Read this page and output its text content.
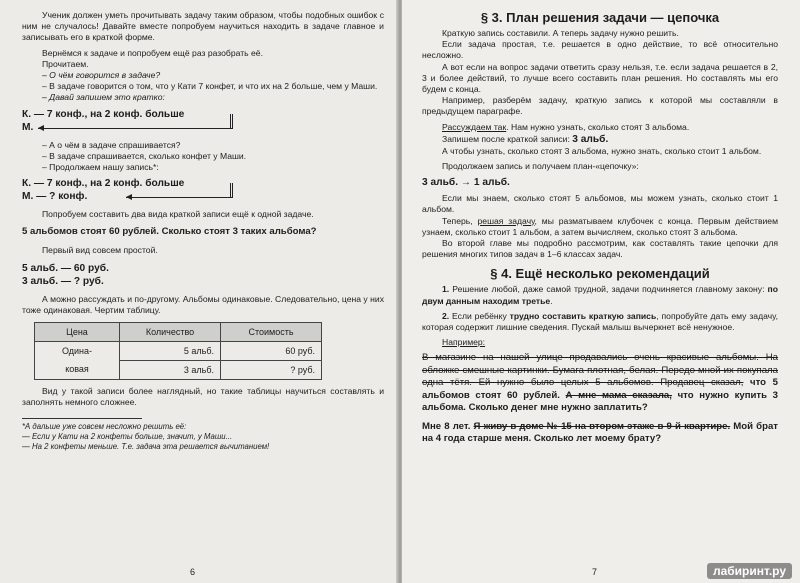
Ученик должен уметь прочитывать задачу таким образом, чтобы подобных ошибок с ним не случалось! Давайте вместе попробуем научиться находить в задаче главное и записывать его в краткой форме.

Вернёмся к задаче и попробуем ещё раз разобрать её.

Прочитаем.

– О чём говорится в задаче?

– В задаче говорится о том, что у Кати 7 конфет, и что их на 2 больше, чем у Маши.

– Давай запишем это кратко:

К. — 7 конф., на 2 конф. больше

М.

– А о чём в задаче спрашивается?

– В задаче спрашивается, сколько конфет у Маши.

– Продолжаем нашу запись*:

К. — 7 конф., на 2 конф. больше

М. — ? конф.

Попробуем составить два вида краткой записи ещё к одной задаче.

5 альбомов стоят 60 рублей. Сколько стоят 3 таких альбома?

Первый вид совсем простой.

5 альб. — 60 руб.

3 альб. — ? руб.

А можно рассуждать и по-другому. Альбомы одинаковые. Следовательно, цена у них тоже одинаковая. Чертим таблицу.

Цена	Количество	Стоимость
Одина-	5 альб.	60 руб.
ковая	3 альб.	? руб.

Вид у такой записи более наглядный, но такие таблицы научиться составлять и заполнять немного сложнее.

*А дальше уже совсем несложно решить её:

— Если у Кати на 2 конфеты больше, значит, у Маши...

— На 2 конфеты меньше. Т.е. задача эта решается вычитанием!

6
§ 3. План решения задачи — цепочка

Краткую запись составили. А теперь задачу нужно решить.

Если задача простая, т.е. решается в одно действие, то всё относительно несложно.

А вот если на вопрос задачи ответить сразу нельзя, т.е. если задача решается в 2, 3 и более действий, то лучше всего составить план решения. Но составлять мы его будем с конца.

Например, разберём задачу, краткую запись к которой мы составляли в предыдущем параграфе.

Рассуждаем так. Нам нужно узнать, сколько стоят 3 альбома.

Запишем после краткой записи: 3 альб.

А чтобы узнать, сколько стоят 3 альбома, нужно знать, сколько стоит 1 альбом.

Продолжаем запись и получаем план-«цепочку»:

3 альб. → 1 альб.

Если мы знаем, сколько стоят 5 альбомов, мы можем узнать, сколько стоит 1 альбом.

Теперь, решая задачу, мы разматываем клубочек с конца. Первым действием узнаем, сколько стоит 1 альбом, а затем вычисляем, сколько стоят 3 альбома.

Во второй главе мы подробно рассмотрим, как составлять такие цепочки для решения многих типов задач в 1–6 классах задач.

§ 4. Ещё несколько рекомендаций

1. Решение любой, даже самой трудной, задачи подчиняется главному закону: по двум данным находим третье.

2. Если ребёнку трудно составить краткую запись, попробуйте дать ему задачу, которая содержит лишние сведения. Пускай малыш вычеркнет всё ненужное.

Например:

В магазине на нашей улице продавались очень красивые альбомы. На обложке смешные картинки. Бумага плотная, белая. Передо мной их покупала одна тётя. Ей нужно было целых 5 альбомов. Продавец сказал, что 5 альбомов стоят 60 рублей. А мне мама сказала, что нужно купить 3 альбома. Сколько денег мне нужно заплатить?

Мне 8 лет. Я живу в доме № 15 на втором этаже в 9-й квартире. Мой брат на 4 года старше меня. Сколько лет моему брату?

7	лабиринт.ру
